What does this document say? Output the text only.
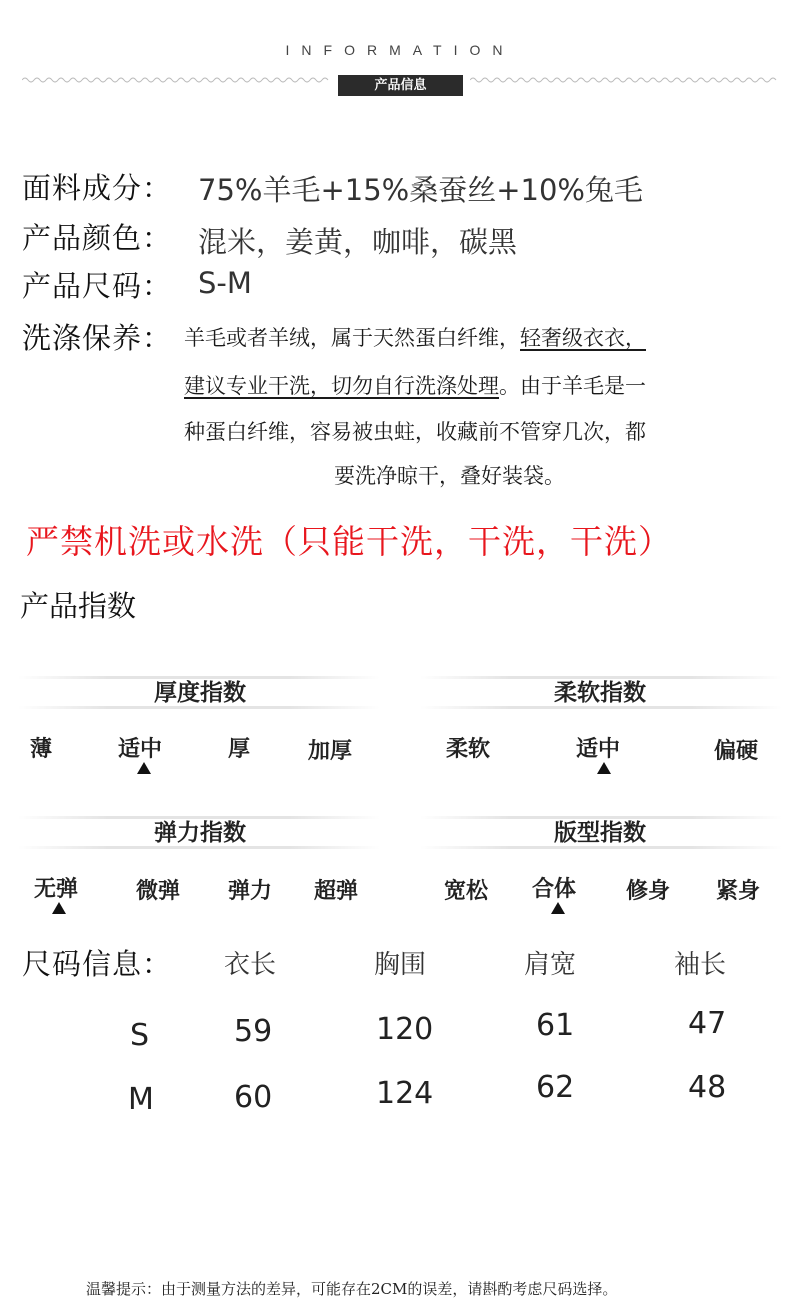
INFORMATION
产品信息
面料成分： 75%羊毛+15%桑蚕丝+10%兔毛
产品颜色： 混米，姜黄，咖啡，碳黑
产品尺码： S-M
洗涤保养： 羊毛或者羊绒，属于天然蛋白纤维，轻奢级衣衣，
建议专业干洗，切勿自行洗涤处理。由于羊毛是一
种蛋白纤维，容易被虫蛀，收藏前不管穿几次，都
要洗净晾干，叠好装袋。
严禁机洗或水洗（只能干洗，干洗，干洗）
产品指数
厚度指数
薄	适中	厚	加厚
柔软指数
柔软	适中	偏硬
弹力指数
无弹	微弹 弹力 超弹
版型指数
宽松 合体 修身 紧身
尺码信息： 衣长	胸围	肩宽	袖长
S	59	120	61	47
M	60	124	62	48
温馨提示：由于测量方法的差异，可能存在2CM的误差，请斟酌考虑尺码选择。
